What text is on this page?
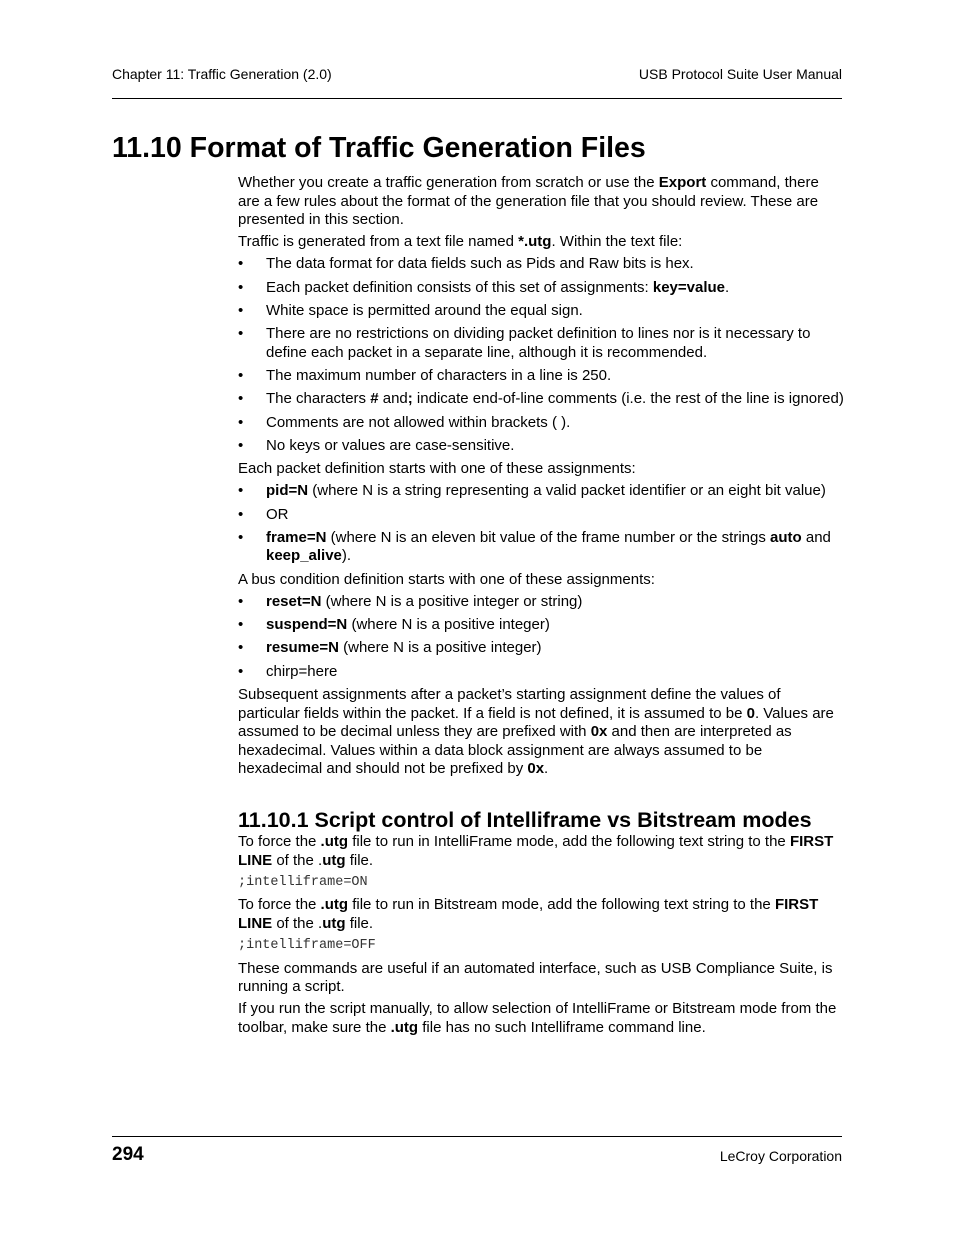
Chapter 11: Traffic Generation (2.0)	USB Protocol Suite User Manual
11.10 Format of Traffic Generation Files

Whether you create a traffic generation from scratch or use the Export command, there are a few rules about the format of the generation file that you should review. These are presented in this section.

Traffic is generated from a text file named *.utg. Within the text file:

• The data format for data fields such as Pids and Raw bits is hex.
• Each packet definition consists of this set of assignments: key=value.
• White space is permitted around the equal sign.
• There are no restrictions on dividing packet definition to lines nor is it necessary to define each packet in a separate line, although it is recommended.
• The maximum number of characters in a line is 250.
• The characters # and; indicate end-of-line comments (i.e. the rest of the line is ignored)
• Comments are not allowed within brackets ( ).
• No keys or values are case-sensitive.

Each packet definition starts with one of these assignments:

• pid=N (where N is a string representing a valid packet identifier or an eight bit value)
• OR
• frame=N (where N is an eleven bit value of the frame number or the strings auto and keep_alive).

A bus condition definition starts with one of these assignments:

• reset=N (where N is a positive integer or string)
• suspend=N (where N is a positive integer)
• resume=N (where N is a positive integer)
• chirp=here

Subsequent assignments after a packet’s starting assignment define the values of particular fields within the packet. If a field is not defined, it is assumed to be 0. Values are assumed to be decimal unless they are prefixed with 0x and then are interpreted as hexadecimal. Values within a data block assignment are always assumed to be hexadecimal and should not be prefixed by 0x.

11.10.1 Script control of Intelliframe vs Bitstream modes

To force the .utg file to run in IntelliFrame mode, add the following text string to the FIRST LINE of the .utg file.

;intelliframe=ON

To force the .utg file to run in Bitstream mode, add the following text string to the FIRST LINE of the .utg file.

;intelliframe=OFF

These commands are useful if an automated interface, such as USB Compliance Suite, is running a script.

If you run the script manually, to allow selection of IntelliFrame or Bitstream mode from the toolbar, make sure the .utg file has no such Intelliframe command line.

294	LeCroy Corporation
